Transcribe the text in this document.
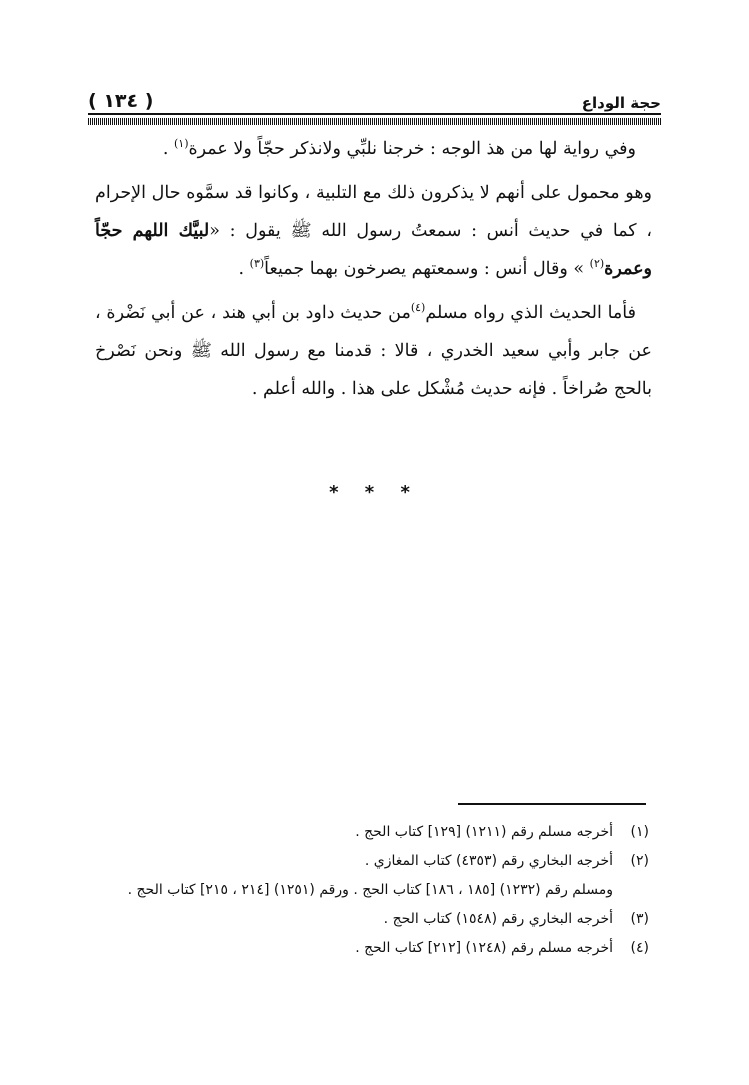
( ١٣٤ )	حجة الوداع

وفي رواية لها من هذ الوجه : خرجنا نلبِّي ولانذكر حجّاً ولا عمرة$^{(١)}$ .

وهو محمول على أنهم لا يذكرون ذلك مع التلبية ، وكانوا قد سمَّوه حال الإحرام ، كما في حديث أنس : سمعتُ رسول الله ﷺ يقول : «لبيَّك اللهم حجّاً وعمرة$^{(٢)}$ » وقال أنس : وسمعتهم يصرخون بهما جميعاً$^{(٣)}$ .

فأما الحديث الذي رواه مسلم$^{(٤)}$من حديث داود بن أبي هند ، عن أبي نَضْرة ، عن جابر وأبي سعيد الخدري ، قالا : قدمنا مع رسول الله ﷺ ونحن نَصْرخ بالحج صُراخاً . فإنه حديث مُشْكل على هذا . والله أعلم .

* * *
(١)
أخرجه مسلم رقم (١٢١١) [١٢٩] كتاب الحج .
(٢)
أخرجه البخاري رقم (٤٣٥٣) كتاب المغازي .
ومسلم رقم (١٢٣٢) [١٨٥ ، ١٨٦] كتاب الحج . ورقم (١٢٥١) [٢١٤ ، ٢١٥] كتاب الحج .
(٣)
أخرجه البخاري رقم (١٥٤٨) كتاب الحج .
(٤)
أخرجه مسلم رقم (١٢٤٨) [٢١٢] كتاب الحج .
